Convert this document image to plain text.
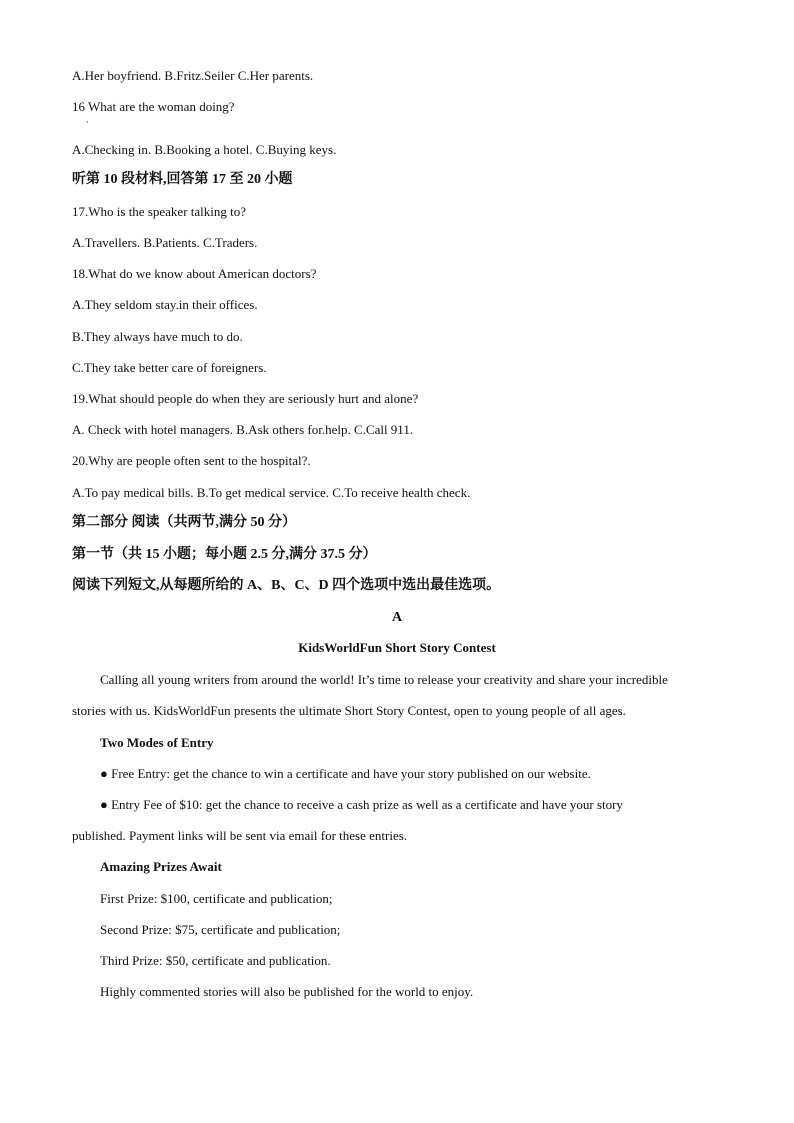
A.Her boyfriend. B.Fritz.Seiler C.Her parents.
16 What are the woman doing?
·
A.Checking in. B.Booking a hotel. C.Buying keys.
听第 10 段材料,回答第 17 至 20 小题
17.Who is the speaker talking to?
A.Travellers. B.Patients. C.Traders.
18.What do we know about American doctors?
A.They seldom stay.in their offices.
B.They always have much to do.
C.They take better care of foreigners.
19.What should people do when they are seriously hurt and alone?
A. Check with hotel managers. B.Ask others for.help. C.Call 911.
20.Why are people often sent to the hospital?.
A.To pay medical bills. B.To get medical service. C.To receive health check.
第二部分 阅读（共两节,满分 50 分）
第一节（共 15 小题；每小题 2.5 分,满分 37.5 分）
阅读下列短文,从每题所给的 A、B、C、D 四个选项中选出最佳选项。
A
KidsWorldFun Short Story Contest
Calling all young writers from around the world! It’s time to release your creativity and share your incredible
stories with us. KidsWorldFun presents the ultimate Short Story Contest, open to young people of all ages.
Two Modes of Entry
● Free Entry: get the chance to win a certificate and have your story published on our website.
● Entry Fee of $10: get the chance to receive a cash prize as well as a certificate and have your story
published. Payment links will be sent via email for these entries.
Amazing Prizes Await
First Prize: $100, certificate and publication;
Second Prize: $75, certificate and publication;
Third Prize: $50, certificate and publication.
Highly commented stories will also be published for the world to enjoy.
